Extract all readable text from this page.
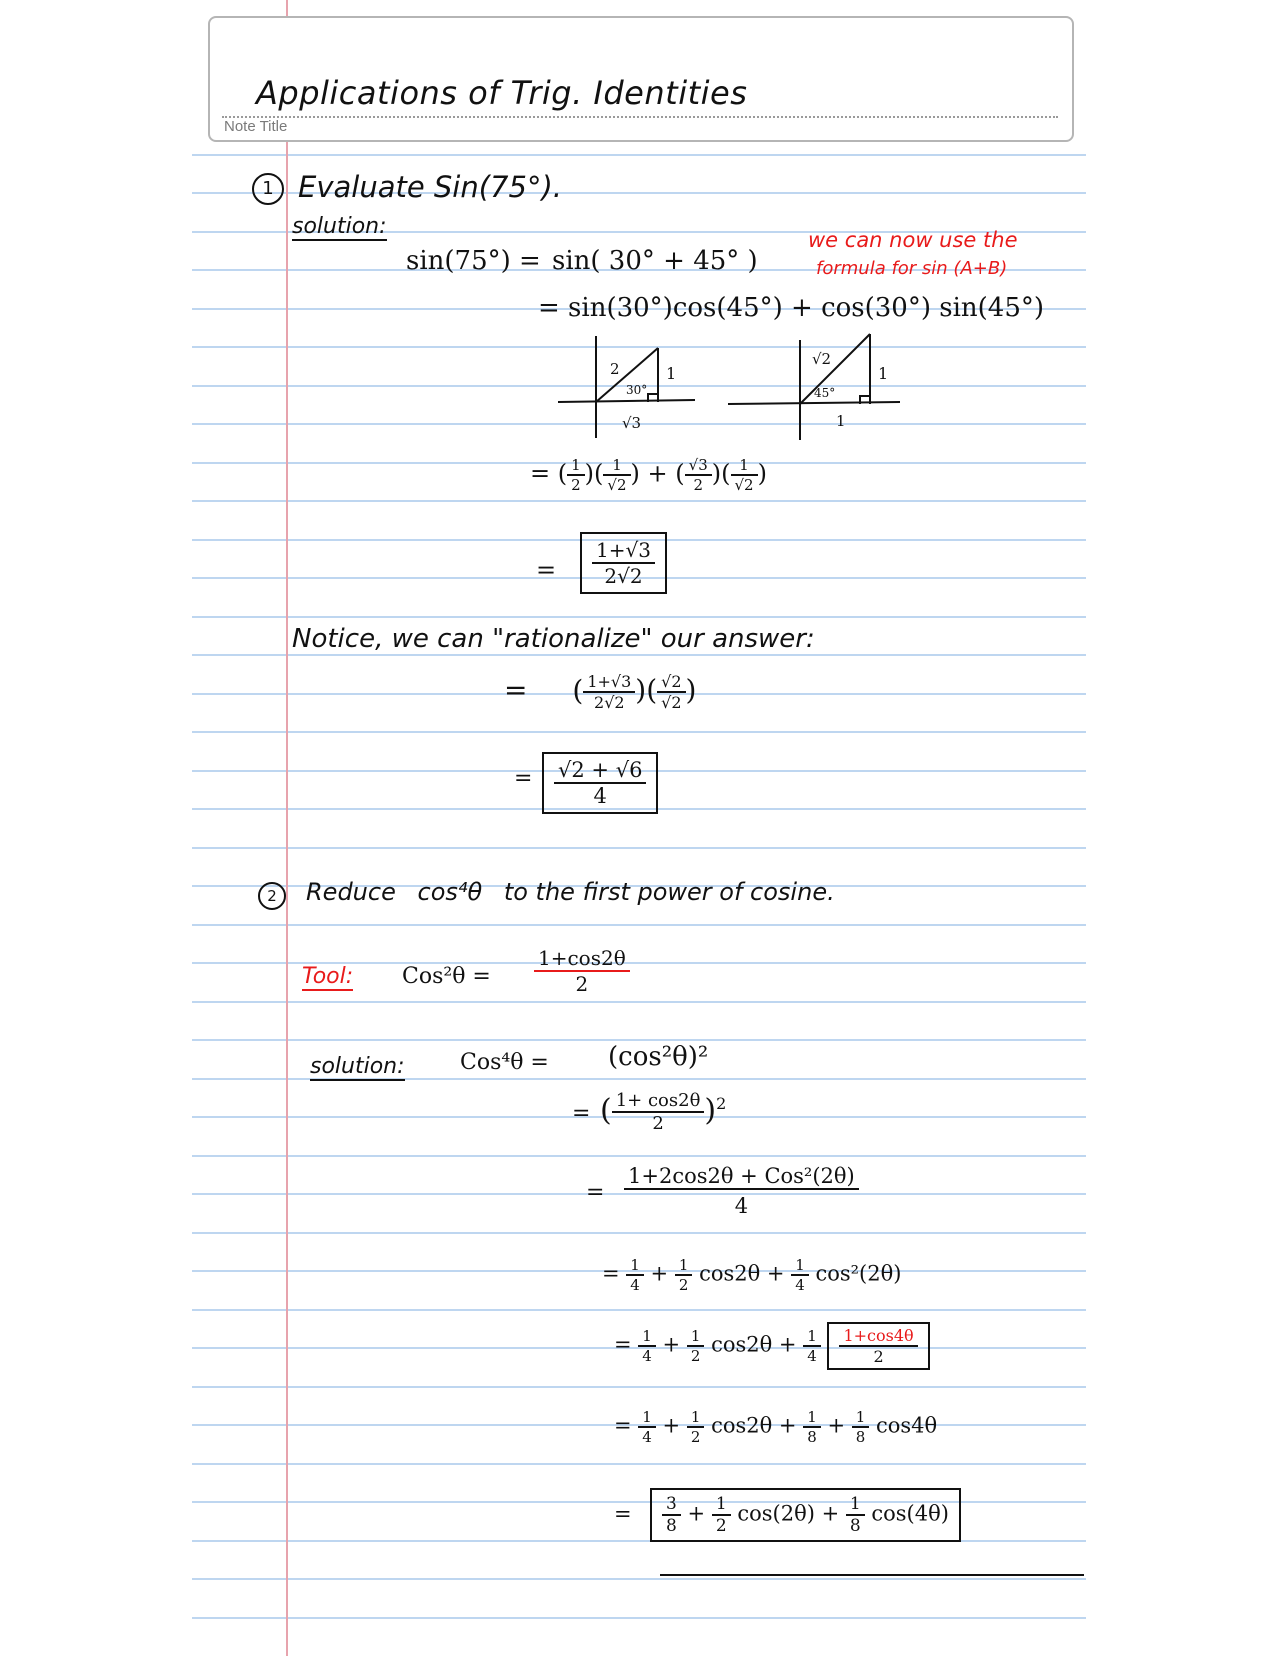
Applications of Trig. Identities
Note Title
1 Evaluate Sin(75°).
solution:
sin(75°) = sin( 30° + 45° )
we can now use the
formula for sin (A+B)
= sin(30°)cos(45°) + cos(30°) sin(45°)
2	1
√3
30°
√2
1
1
45°
= ( $\frac{1}{2}$ )( $\frac{1}{√2}$ ) + ( $\frac{√3}{2}$ )( $\frac{1}{√2}$ )
= $\frac{1+√3}{2√2}$
Notice, we can "rationalize" our answer:
= ( $\frac{1+√3}{2√2}$ )( $\frac{√2}{√2}$ )
= $\frac{√2 + √6}{4}$
2	Reduce cos⁴θ to the first power of cosine.
Tool: $Cos^2\theta = \frac{1+\cos 2\theta}{2}$
solution:	Cos⁴θ = (cos²θ)²
= ( $\frac{1+ \cos 2\theta}{2} )^2$
= $\frac{\text{1+2cos2θ + Cos²(2θ)}}{4}$
= $\frac{1}{4} + \frac{1}{2} \cos 2\theta + \frac{1}{4} \cos^2(2\theta)$
= $\frac{1}{4} + \frac{1}{2} \cos 2\theta + \frac{1}{4}$
$\frac{1+\cos 4\theta}{2}$
= $\frac{1}{4} + \frac{1}{2} \cos 2\theta + \frac{1}{8} + \frac{1}{8} \cos 4\theta$
= $\frac{3}{8} + \frac{1}{2} \cos(2\theta) + \frac{1}{8} \cos(4\theta)$
